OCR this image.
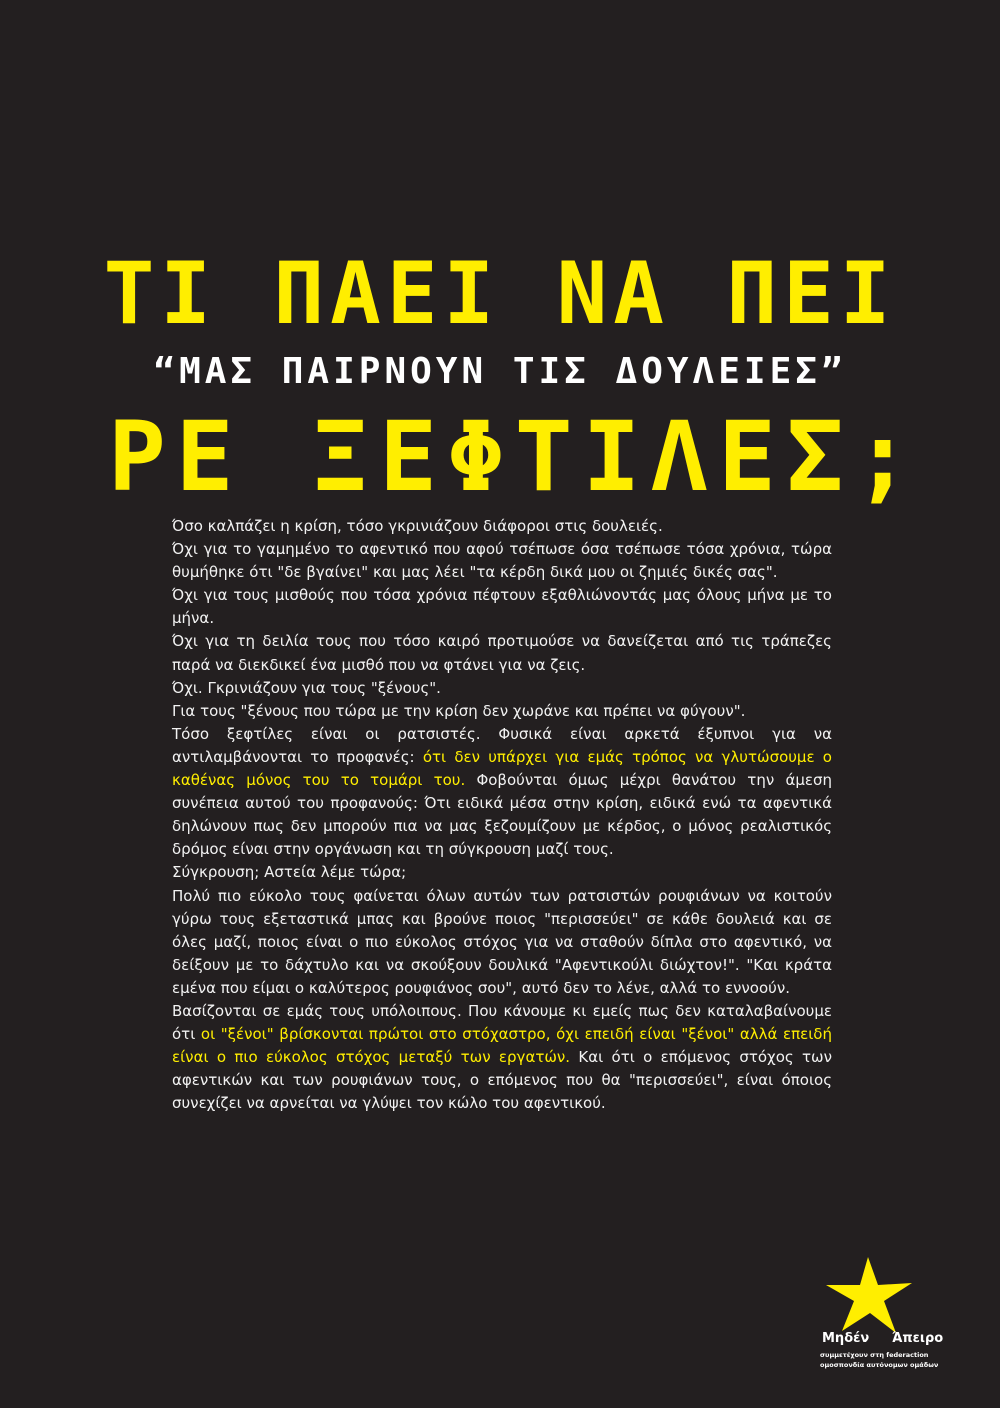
ΤΙ ΠΑΕΙ ΝΑ ΠΕΙ
“ΜΑΣ ΠΑΙΡΝΟΥΝ ΤΙΣ ΔΟΥΛΕΙΕΣ”
ΡΕ ΞΕΦΤΙΛΕΣ;

Όσο καλπάζει η κρίση, τόσο γκρινιάζουν διάφοροι στις δουλειές.

Όχι για το γαμημένο το αφεντικό που αφού τσέπωσε όσα τσέπωσε τόσα χρόνια, τώρα θυμήθηκε ότι "δε βγαίνει" και μας λέει "τα κέρδη δικά μου οι ζημιές δικές σας".

Όχι για τους μισθούς που τόσα χρόνια πέφτουν εξαθλιώνοντάς μας όλους μήνα με το μήνα.

Όχι για τη δειλία τους που τόσο καιρό προτιμούσε να δανείζεται από τις τράπεζες παρά να διεκδικεί ένα μισθό που να φτάνει για να ζεις.

Όχι. Γκρινιάζουν για τους "ξένους".

Για τους "ξένους που τώρα με την κρίση δεν χωράνε και πρέπει να φύγουν".

Τόσο ξεφτίλες είναι οι ρατσιστές. Φυσικά είναι αρκετά έξυπνοι για να αντιλαμβάνονται το προφανές: ότι δεν υπάρχει για εμάς τρόπος να γλυτώσουμε ο καθένας μόνος του το τομάρι του. Φοβούνται όμως μέχρι θανάτου την άμεση συνέπεια αυτού του προφανούς: Ότι ειδικά μέσα στην κρίση, ειδικά ενώ τα αφεντικά δηλώνουν πως δεν μπορούν πια να μας ξεζουμίζουν με κέρδος, ο μόνος ρεαλιστικός δρόμος είναι στην οργάνωση και τη σύγκρουση μαζί τους.

Σύγκρουση; Αστεία λέμε τώρα;

Πολύ πιο εύκολο τους φαίνεται όλων αυτών των ρατσιστών ρουφιάνων να κοιτούν γύρω τους εξεταστικά μπας και βρούνε ποιος "περισσεύει" σε κάθε δουλειά και σε όλες μαζί, ποιος είναι ο πιο εύκολος στόχος για να σταθούν δίπλα στο αφεντικό, να δείξουν με το δάχτυλο και να σκούξουν δουλικά "Αφεντικούλι διώχτον!". "Και κράτα εμένα που είμαι ο καλύτερος ρουφιάνος σου", αυτό δεν το λένε, αλλά το εννοούν.

Βασίζονται σε εμάς τους υπόλοιπους. Που κάνουμε κι εμείς πως δεν καταλαβαίνουμε ότι οι "ξένοι" βρίσκονται πρώτοι στο στόχαστρο, όχι επειδή είναι "ξένοι" αλλά επειδή είναι ο πιο εύκολος στόχος μεταξύ των εργατών. Και ότι ο επόμενος στόχος των αφεντικών και των ρουφιάνων τους, ο επόμενος που θα "περισσεύει", είναι όποιος συνεχίζει να αρνείται να γλύψει τον κώλο του αφεντικού.

Μηδέν Άπειρο
συμμετέχουν στη federaction
ομοσπονδία αυτόνομων ομάδων
